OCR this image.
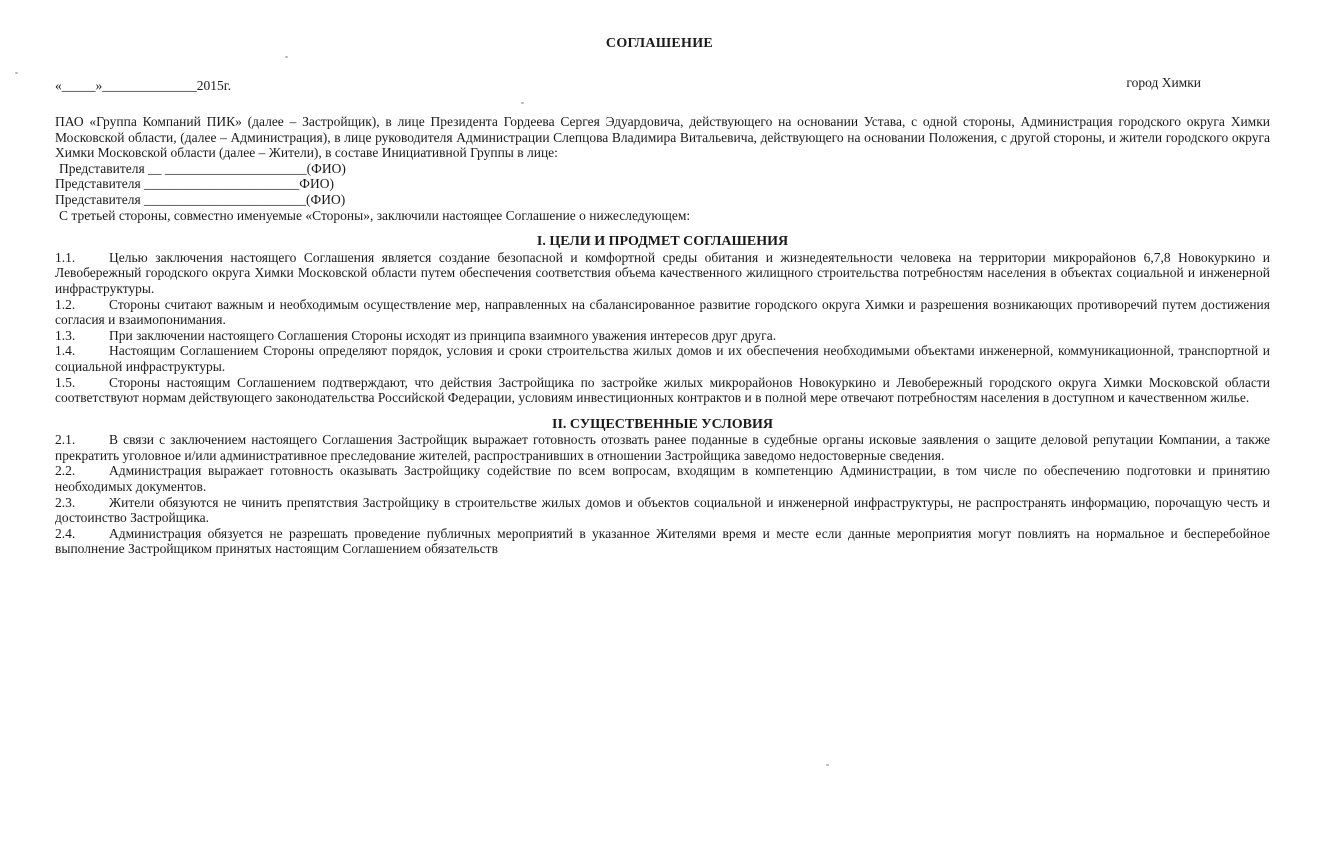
СОГЛАШЕНИЕ
«_____»______________2015г.	город Химки

ПАО «Группа Компаний ПИК» (далее – Застройщик), в лице Президента Гордеева Сергея Эдуардовича, действующего на основании Устава, с одной стороны, Администрация городского округа Химки Московской области, (далее – Администрация), в лице руководителя Администрации Слепцова Владимира Витальевича, действующего на основании Положения, с другой стороны, и жители городского округа Химки Московской области (далее – Жители), в составе Инициативной Группы в лице:

Представителя __ _____________________(ФИО)
Представителя _______________________ФИО)
Представителя ________________________(ФИО)
С третьей стороны, совместно именуемые «Стороны», заключили настоящее Соглашение о нижеследующем:
I. ЦЕЛИ И ПРОДМЕТ СОГЛАШЕНИЯ

1.1.	Целью заключения настоящего Соглашения является создание безопасной и комфортной среды обитания и жизнедеятельности человека на территории микрорайонов 6,7,8 Новокуркино и Левобережный городского округа Химки Московской области путем обеспечения соответствия объема качественного жилищного строительства потребностям населения в объектах социальной и инженерной инфраструктуры.

1.2.	Стороны считают важным и необходимым осуществление мер, направленных на сбалансированное развитие городского округа Химки и разрешения возникающих противоречий путем достижения согласия и взаимопонимания.

1.3.	При заключении настоящего Соглашения Стороны исходят из принципа взаимного уважения интересов друг друга.

1.4.	Настоящим Соглашением Стороны определяют порядок, условия и сроки строительства жилых домов и их обеспечения необходимыми объектами инженерной, коммуникационной, транспортной и социальной инфраструктуры.

1.5.	Стороны настоящим Соглашением подтверждают, что действия Застройщика по застройке жилых микрорайонов Новокуркино и Левобережный городского округа Химки Московской области соответствуют нормам действующего законодательства Российской Федерации, условиям инвестиционных контрактов и в полной мере отвечают потребностям населения в доступном и качественном жилье.

II. СУЩЕСТВЕННЫЕ УСЛОВИЯ

2.1.	В связи с заключением настоящего Соглашения Застройщик выражает готовность отозвать ранее поданные в судебные органы исковые заявления о защите деловой репутации Компании, а также прекратить уголовное и/или административное преследование жителей, распространивших в отношении Застройщика заведомо недостоверные сведения.

2.2.	Администрация выражает готовность оказывать Застройщику содействие по всем вопросам, входящим в компетенцию Администрации, в том числе по обеспечению подготовки и принятию необходимых документов.

2.3.	Жители обязуются не чинить препятствия Застройщику в строительстве жилых домов и объектов социальной и инженерной инфраструктуры, не распространять информацию, порочащую честь и достоинство Застройщика.

2.4.	Администрация обязуется не разрешать проведение публичных мероприятий в указанное Жителями время и месте если данные мероприятия могут повлиять на нормальное и бесперебойное выполнение Застройщиком принятых настоящим Соглашением обязательств
